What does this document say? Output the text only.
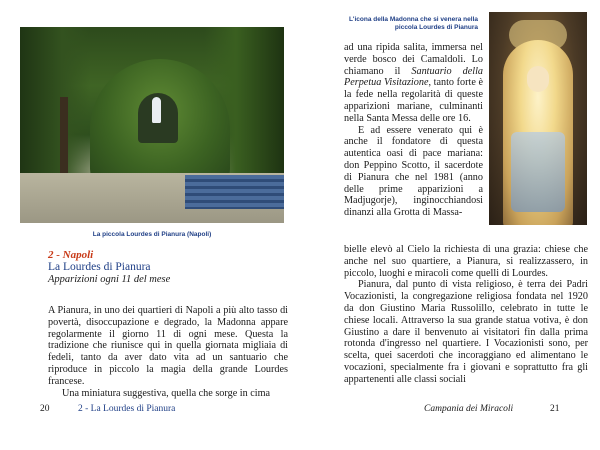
La piccola Lourdes di Pianura (Napoli)
2 - Napoli
La Lourdes di Pianura
Apparizioni ogni 11 del mese

A Pianura, in uno dei quartieri di Napoli a più alto tasso di povertà, disoccupazione e degrado, la Madonna appare regolarmente il giorno 11 di ogni mese. Questa la tradizione che riunisce qui in quella giornata migliaia di fedeli, tanto da aver dato vita ad un santuario che riproduce in piccolo la magia della grande Lourdes francese.

Una miniatura suggestiva, quella che sorge in cima

20	2 - La Lourdes di Pianura
L'icona della Madonna che si venera nella piccola Lourdes di Pianura

ad una ripida salita, immersa nel verde bosco dei Camaldoli. Lo chiamano il Santuario della Perpetua Visitazione, tanto forte è la fede nella regolarità di queste apparizioni mariane, culminanti nella Santa Messa delle ore 16.

E ad essere venerato qui è anche il fondatore di questa autentica oasi di pace mariana: don Peppino Scotto, il sacerdote di Pianura che nel 1981 (anno delle prime apparizioni a Madjugorje), inginocchiandosi dinanzi alla Grotta di Massa-

bielle elevò al Cielo la richiesta di una grazia: chiese che anche nel suo quartiere, a Pianura, si realizzassero, in piccolo, luoghi e miracoli come quelli di Lourdes.

Pianura, dal punto di vista religioso, è terra dei Padri Vocazionisti, la congregazione religiosa fondata nel 1920 da don Giustino Maria Russolillo, celebrato in tutte le chiese locali. Attraverso la sua grande statua votiva, è don Giustino a dare il benvenuto ai visitatori fin dalla prima rotonda d'ingresso nel quartiere. I Vocazionisti sono, per scelta, quei sacerdoti che incoraggiano ed alimentano le vocazioni, specialmente fra i giovani e soprattutto fra gli appartenenti alle classi sociali

Campania dei Miracoli	21
